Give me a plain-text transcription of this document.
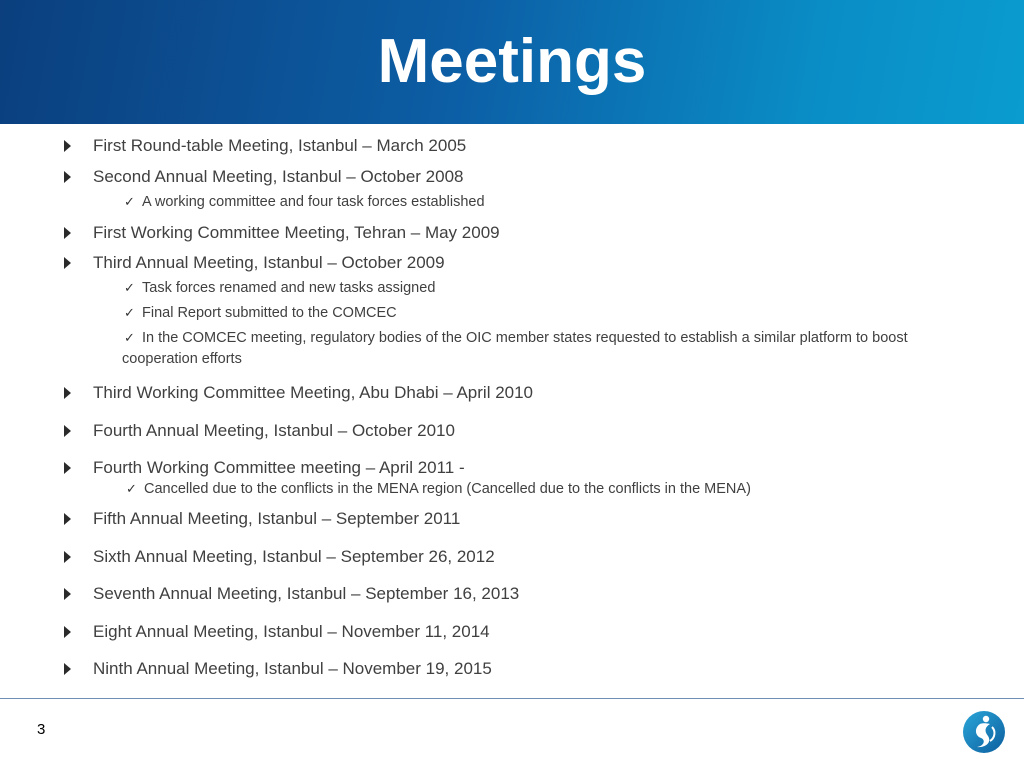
Meetings
First Round-table Meeting, Istanbul – March 2005
Second Annual Meeting, Istanbul – October 2008
✓ A working committee and four task forces established
First Working Committee Meeting, Tehran – May 2009
Third Annual Meeting, Istanbul – October 2009
✓ Task forces renamed and new tasks assigned
✓ Final Report submitted to the COMCEC
✓ In the COMCEC meeting, regulatory bodies of the OIC member states requested to establish a similar platform to boost cooperation efforts
Third Working Committee Meeting, Abu Dhabi – April 2010
Fourth Annual Meeting, Istanbul – October 2010
Fourth Working Committee meeting – April 2011 -
✓ Cancelled due to the conflicts in the MENA region (Cancelled due to the conflicts in the MENA)
Fifth Annual Meeting, Istanbul – September 2011
Sixth Annual Meeting, Istanbul – September 26, 2012
Seventh Annual Meeting, Istanbul – September 16, 2013
Eight Annual Meeting, Istanbul – November 11, 2014
Ninth Annual Meeting, Istanbul – November 19, 2015
3
